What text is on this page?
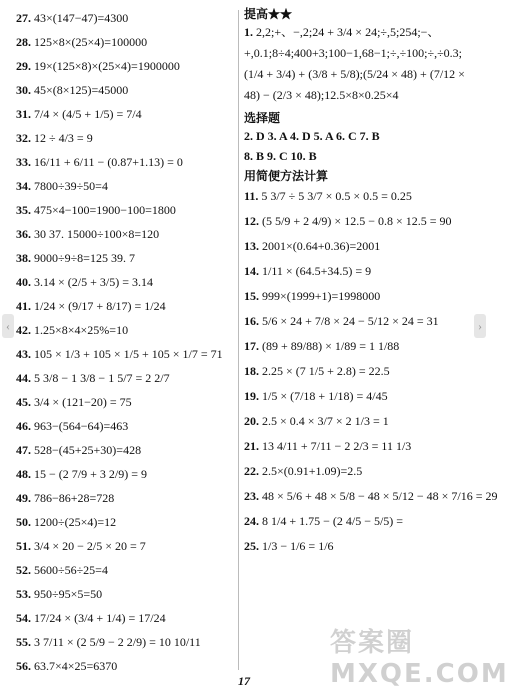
27. 43×(147−47)=4300
28. 125×8×(25×4)=100000
29. 19×(125×8)×(25×4)=1900000
30. 45×(8×125)=45000
31. 7/4 × (4/5 + 1/5) = 7/4
32. 12 ÷ 4/3 = 9
33. 16/11 + 6/11 − (0.87+1.13) = 0
34. 7800÷39÷50=4
35. 475×4−100=1900−100=1800
36. 30 37. 15000÷100×8=120
38. 9000÷9÷8=125 39. 7
40. 3.14 × (2/5 + 3/5) = 3.14
41. 1/24 × (9/17 + 8/17) = 1/24
42. 1.25×8×4×25%=10
43. 105 × 1/3 + 105 × 1/5 + 105 × 1/7 = 71
44. 5 3/8 − 1 3/8 − 1 5/7 = 2 2/7
45. 3/4 × (121−20) = 75
46. 963−(564−64)=463
47. 528−(45+25+30)=428
48. 15 − (2 7/9 + 3 2/9) = 9
49. 786−86+28=728
50. 1200÷(25×4)=12
51. 3/4 × 20 − 2/5 × 20 = 7
52. 5600÷56÷25=4
53. 950÷95×5=50
54. 17/24 × (3/4 + 1/4) = 17/24
55. 3 7/11 × (2 5/9 − 2 2/9) = 10 10/11
56. 63.7×4×25=6370
提高★★
1. 2,2;+、−,2;24 + 3/4 × 24;÷,5;254;−、+,0.1;8÷4;400+3;100−1,68−1;÷,÷100;÷,÷0.3;(1/4 + 3/4) + (3/8 + 5/8);(5/24 × 48) + (7/12 × 48) − (2/3 × 48);12.5×8×0.25×4
选择题
2. D 3. A 4. D 5. A 6. C 7. B
8. B 9. C 10. B
用简便方法计算
11. 5 3/7 ÷ 5 3/7 × 0.5 × 0.5 = 0.25
12. (5 5/9 + 2 4/9) × 12.5 − 0.8 × 12.5 = 90
13. 2001×(0.64+0.36)=2001
14. 1/11 × (64.5+34.5) = 9
15. 999×(1999+1)=1998000
16. 5/6 × 24 + 7/8 × 24 − 5/12 × 24 = 31
17. (89 + 89/88) × 1/89 = 1 1/88
18. 2.25 × (7 1/5 + 2.8) = 22.5
19. 1/5 × (7/18 + 1/18) = 4/45
20. 2.5 × 0.4 × 3/7 × 2 1/3 = 1
21. 13 4/11 + 7/11 − 2 2/3 = 11 1/3
22. 2.5×(0.91+1.09)=2.5
23. 48 × 5/6 + 48 × 5/8 − 48 × 5/12 − 48 × 7/16 = 29
24. 8 1/4 + 1.75 − (2 4/5 − 5/5) =
25. 1/3 − 1/6 = 1/6
17
‹	›
答案圈 MXQE.COM
